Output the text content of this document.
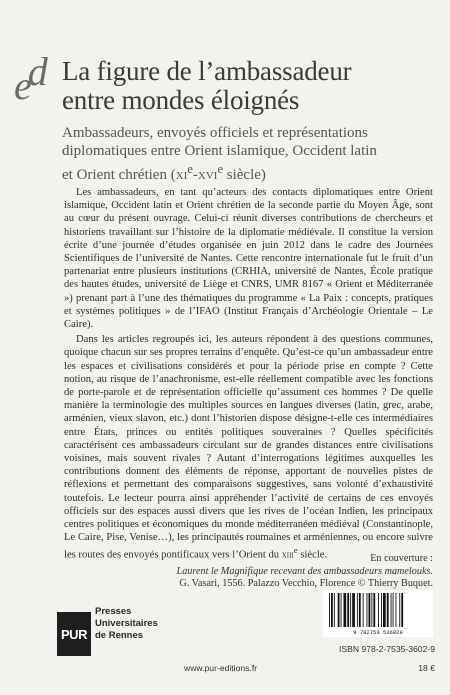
ed La figure de l’ambassadeur
entre mondes éloignés
Ambassadeurs, envoyés officiels et représentations
diplomatiques entre Orient islamique, Occident latin
et Orient chrétien ($xi^e-xvi^e$ siècle)

Les ambassadeurs, en tant qu’acteurs des contacts diplomatiques entre Orient islamique, Occident latin et Orient chrétien de la seconde partie du Moyen Âge, sont au cœur du présent ouvrage. Celui-ci réunit diverses contributions de chercheurs et historiens travaillant sur l’histoire de la diplomatie médiévale. Il constitue la version écrite d’une journée d’études organisée en juin 2012 dans le cadre des Journées Scientifiques de l’université de Nantes. Cette rencontre internationale fut le fruit d’un partenariat entre plusieurs institutions (CRHIA, université de Nantes, École pratique des hautes études, université de Liège et CNRS, UMR 8167 « Orient et Méditerranée ») prenant part à l’une des thématiques du programme « La Paix : concepts, pratiques et systèmes politiques » de l’IFAO (Institut Français d’Archéologie Orientale – Le Caire).

Dans les articles regroupés ici, les auteurs répondent à des questions communes, quoique chacun sur ses propres terrains d’enquête. Qu’est-ce qu’un ambassadeur entre les espaces et civilisations considérés et pour la période prise en compte ? Cette notion, au risque de l’anachronisme, est-elle réellement compatible avec les fonctions de porte-parole et de représentation officielle qu’assument ces hommes ? De quelle manière la terminologie des multiples sources en langues diverses (latin, grec, arabe, arménien, vieux slavon, etc.) dont l’historien dispose désigne-t-elle ces intermédiaires entre États, princes ou entités politiques souveraines ? Quelles spécificités caractérisent ces ambassadeurs circulant sur de grandes distances entre civilisations voisines, mais souvent rivales ? Autant d’interrogations légitimes auxquelles les contributions donnent des éléments de réponse, apportant de nouvelles pistes de réflexions et permettant des comparaisons suggestives, sans volonté d’exhaustivité toutefois. Le lecteur pourra ainsi appréhender l’activité de certains de ces envoyés officiels sur des espaces aussi divers que les rives de l’océan Indien, les principaux centres politiques et économiques du monde méditerranéen médiéval (Constantinople, Le Caire, Pise, Venise…), les principautés roumaines et arméniennes, ou encore suivre les routes des envoyés pontificaux vers l’Orient du xiii$^e$ siècle.	En couverture :
Laurent le Magnifique recevant des ambassadeurs mamelouks.
G. Vasari, 1556. Palazzo Vecchio, Florence © Thierry Buquet.
PUR
Presses
Universitaires
de Rennes	9 782753 536029
ISBN 978-2-7535-3602-9
www.pur-editions.fr	18 €
